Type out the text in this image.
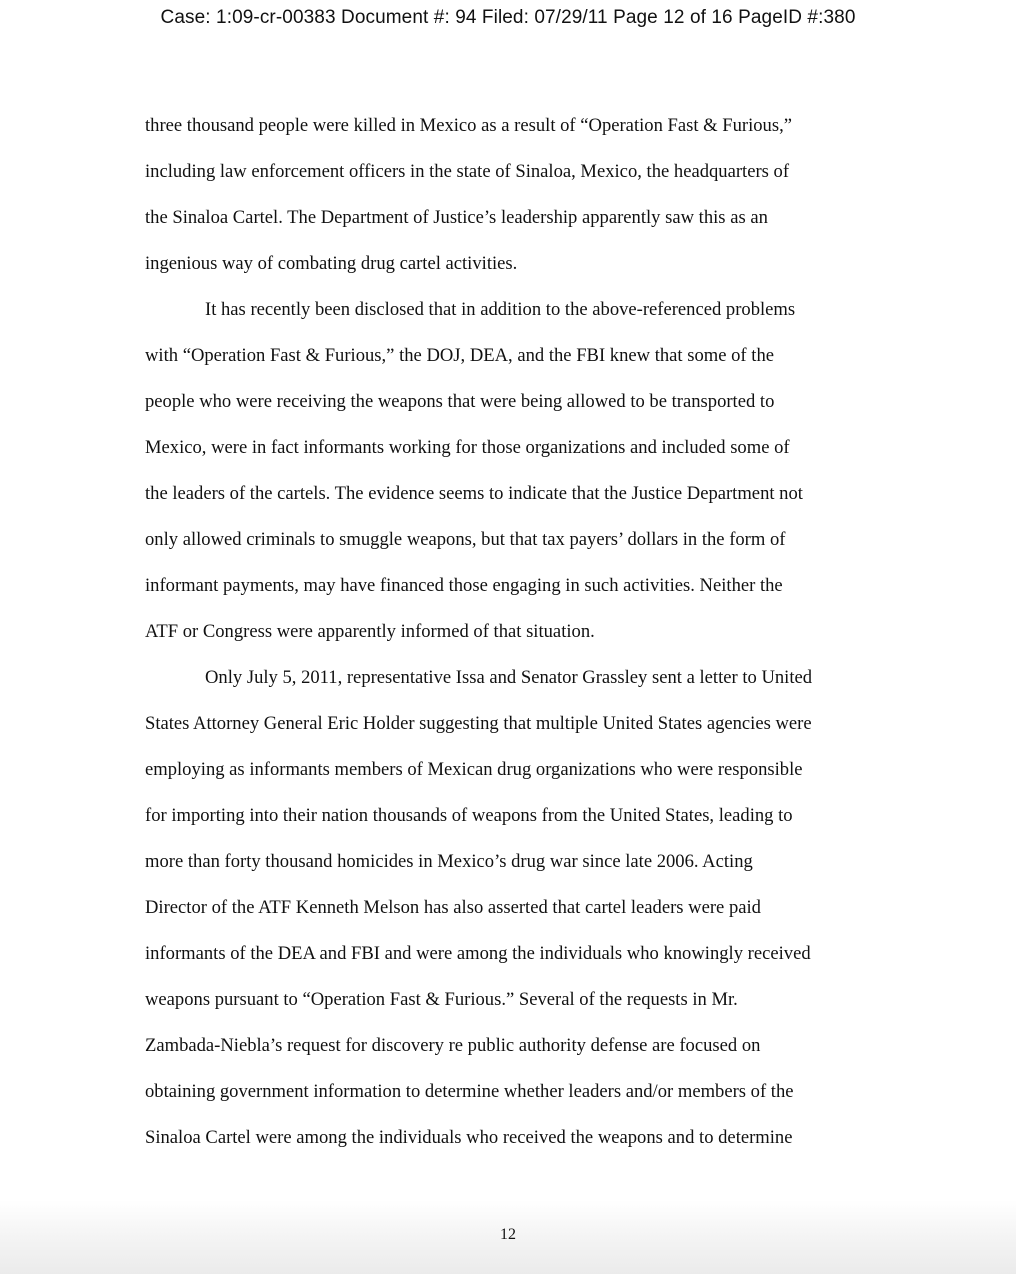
Case: 1:09-cr-00383 Document #: 94 Filed: 07/29/11 Page 12 of 16 PageID #:380
three thousand people were killed in Mexico as a result of “Operation Fast & Furious,”
including law enforcement officers in the state of Sinaloa, Mexico, the headquarters of
the Sinaloa Cartel. The Department of Justice’s leadership apparently saw this as an
ingenious way of combating drug cartel activities.
It has recently been disclosed that in addition to the above-referenced problems
with “Operation Fast & Furious,” the DOJ, DEA, and the FBI knew that some of the
people who were receiving the weapons that were being allowed to be transported to
Mexico, were in fact informants working for those organizations and included some of
the leaders of the cartels. The evidence seems to indicate that the Justice Department not
only allowed criminals to smuggle weapons, but that tax payers’ dollars in the form of
informant payments, may have financed those engaging in such activities. Neither the
ATF or Congress were apparently informed of that situation.
Only July 5, 2011, representative Issa and Senator Grassley sent a letter to United
States Attorney General Eric Holder suggesting that multiple United States agencies were
employing as informants members of Mexican drug organizations who were responsible
for importing into their nation thousands of weapons from the United States, leading to
more than forty thousand homicides in Mexico’s drug war since late 2006. Acting
Director of the ATF Kenneth Melson has also asserted that cartel leaders were paid
informants of the DEA and FBI and were among the individuals who knowingly received
weapons pursuant to “Operation Fast & Furious.” Several of the requests in Mr.
Zambada-Niebla’s request for discovery re public authority defense are focused on
obtaining government information to determine whether leaders and/or members of the
Sinaloa Cartel were among the individuals who received the weapons and to determine
12
